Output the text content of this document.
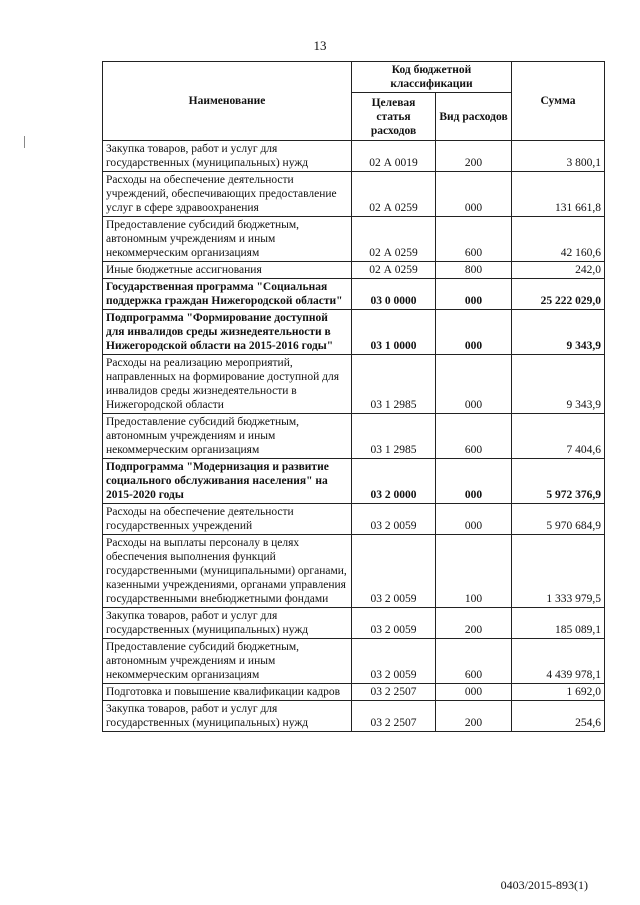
13
Наименование	Код бюджетной классификации		Сумма
	Целевая статья расходов	Вид расходов	
Закупка товаров, работ и услуг для государственных (муниципальных) нужд	02 А 0019	200	3 800,1
Расходы на обеспечение деятельности учреждений, обеспечивающих предоставление услуг в сфере здравоохранения	02 А 0259	000	131 661,8
Предоставление субсидий бюджетным, автономным учреждениям и иным некоммерческим организациям	02 А 0259	600	42 160,6
Иные бюджетные ассигнования	02 А 0259	800	242,0
Государственная программа "Социальная поддержка граждан Нижегородской области"	03 0 0000	000	25 222 029,0
Подпрограмма "Формирование доступной для инвалидов среды жизнедеятельности в Нижегородской области на 2015-2016 годы"	03 1 0000	000	9 343,9
Расходы на реализацию мероприятий, направленных на формирование доступной для инвалидов среды жизнедеятельности в Нижегородской области	03 1 2985	000	9 343,9
Предоставление субсидий бюджетным, автономным учреждениям и иным некоммерческим организациям	03 1 2985	600	7 404,6
Подпрограмма "Модернизация и развитие социального обслуживания населения" на 2015-2020 годы	03 2 0000	000	5 972 376,9
Расходы на обеспечение деятельности государственных учреждений	03 2 0059	000	5 970 684,9
Расходы на выплаты персоналу в целях обеспечения выполнения функций государственными (муниципальными) органами, казенными учреждениями, органами управления государственными внебюджетными фондами	03 2 0059	100	1 333 979,5
Закупка товаров, работ и услуг для государственных (муниципальных) нужд	03 2 0059	200	185 089,1
Предоставление субсидий бюджетным, автономным учреждениям и иным некоммерческим организациям	03 2 0059	600	4 439 978,1
Подготовка и повышение квалификации кадров	03 2 2507	000	1 692,0
Закупка товаров, работ и услуг для государственных (муниципальных) нужд	03 2 2507	200	254,6
0403/2015-893(1)
